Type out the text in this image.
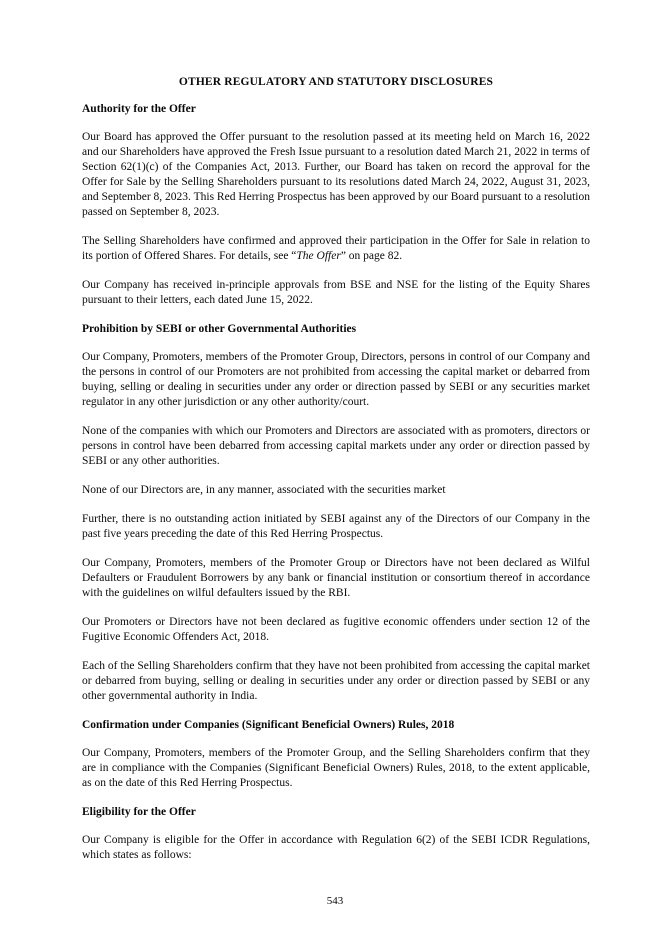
OTHER REGULATORY AND STATUTORY DISCLOSURES
Authority for the Offer

Our Board has approved the Offer pursuant to the resolution passed at its meeting held on March 16, 2022 and our Shareholders have approved the Fresh Issue pursuant to a resolution dated March 21, 2022 in terms of Section 62(1)(c) of the Companies Act, 2013. Further, our Board has taken on record the approval for the Offer for Sale by the Selling Shareholders pursuant to its resolutions dated March 24, 2022, August 31, 2023, and September 8, 2023. This Red Herring Prospectus has been approved by our Board pursuant to a resolution passed on September 8, 2023.

The Selling Shareholders have confirmed and approved their participation in the Offer for Sale in relation to its portion of Offered Shares. For details, see “The Offer” on page 82.

Our Company has received in-principle approvals from BSE and NSE for the listing of the Equity Shares pursuant to their letters, each dated June 15, 2022.

Prohibition by SEBI or other Governmental Authorities

Our Company, Promoters, members of the Promoter Group, Directors, persons in control of our Company and the persons in control of our Promoters are not prohibited from accessing the capital market or debarred from buying, selling or dealing in securities under any order or direction passed by SEBI or any securities market regulator in any other jurisdiction or any other authority/court.

None of the companies with which our Promoters and Directors are associated with as promoters, directors or persons in control have been debarred from accessing capital markets under any order or direction passed by SEBI or any other authorities.

None of our Directors are, in any manner, associated with the securities market

Further, there is no outstanding action initiated by SEBI against any of the Directors of our Company in the past five years preceding the date of this Red Herring Prospectus.

Our Company, Promoters, members of the Promoter Group or Directors have not been declared as Wilful Defaulters or Fraudulent Borrowers by any bank or financial institution or consortium thereof in accordance with the guidelines on wilful defaulters issued by the RBI.

Our Promoters or Directors have not been declared as fugitive economic offenders under section 12 of the Fugitive Economic Offenders Act, 2018.

Each of the Selling Shareholders confirm that they have not been prohibited from accessing the capital market or debarred from buying, selling or dealing in securities under any order or direction passed by SEBI or any other governmental authority in India.

Confirmation under Companies (Significant Beneficial Owners) Rules, 2018

Our Company, Promoters, members of the Promoter Group, and the Selling Shareholders confirm that they are in compliance with the Companies (Significant Beneficial Owners) Rules, 2018, to the extent applicable, as on the date of this Red Herring Prospectus.

Eligibility for the Offer

Our Company is eligible for the Offer in accordance with Regulation 6(2) of the SEBI ICDR Regulations, which states as follows:

543
